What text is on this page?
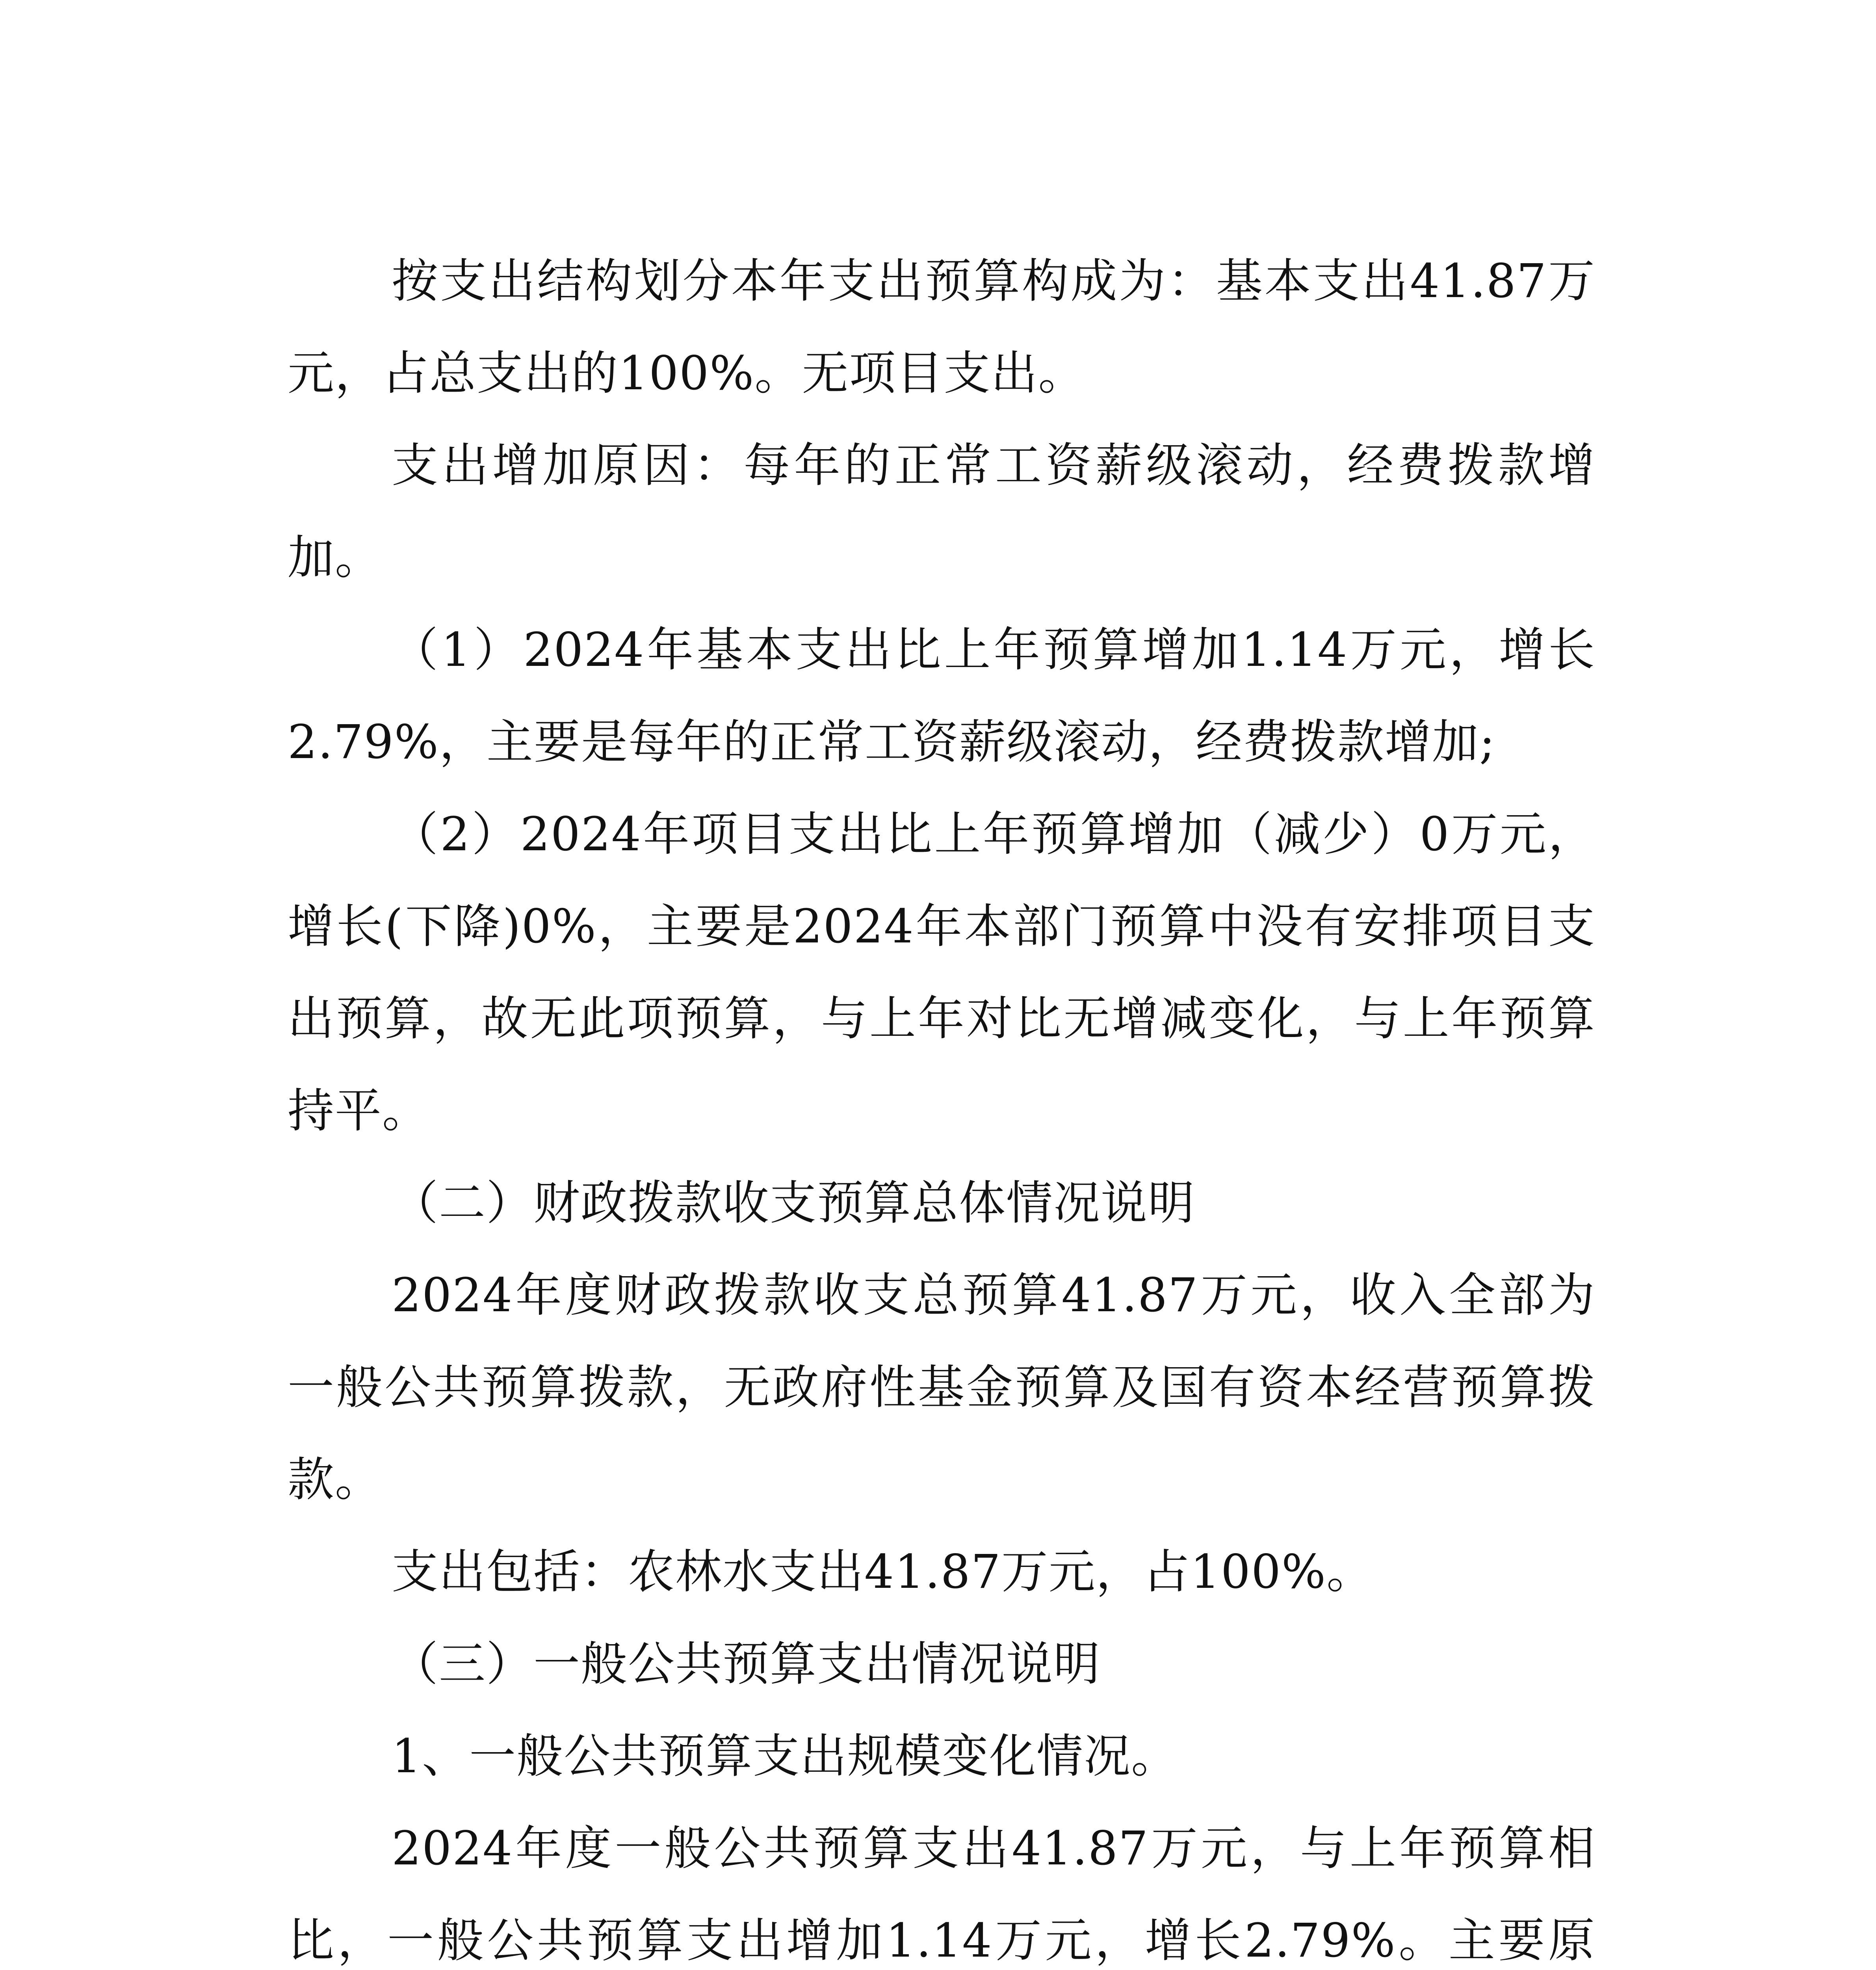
按支出结构划分本年支出预算构成为：基本支出41.87万元，占总支出的100%。无项目支出。

支出增加原因：每年的正常工资薪级滚动，经费拨款增加。

（1）2024年基本支出比上年预算增加1.14万元，增长2.79%，主要是每年的正常工资薪级滚动，经费拨款增加;

（2）2024年项目支出比上年预算增加（减少）0万元，增长(下降)0%，主要是2024年本部门预算中没有安排项目支出预算，故无此项预算，与上年对比无增减变化，与上年预算持平。

（二）财政拨款收支预算总体情况说明

2024年度财政拨款收支总预算41.87万元，收入全部为一般公共预算拨款，无政府性基金预算及国有资本经营预算拨款。

支出包括：农林水支出41.87万元，占100%。

（三）一般公共预算支出情况说明

1、一般公共预算支出规模变化情况。

2024年度一般公共预算支出41.87万元，与上年预算相比，一般公共预算支出增加1.14万元，增长2.79%。主要原
